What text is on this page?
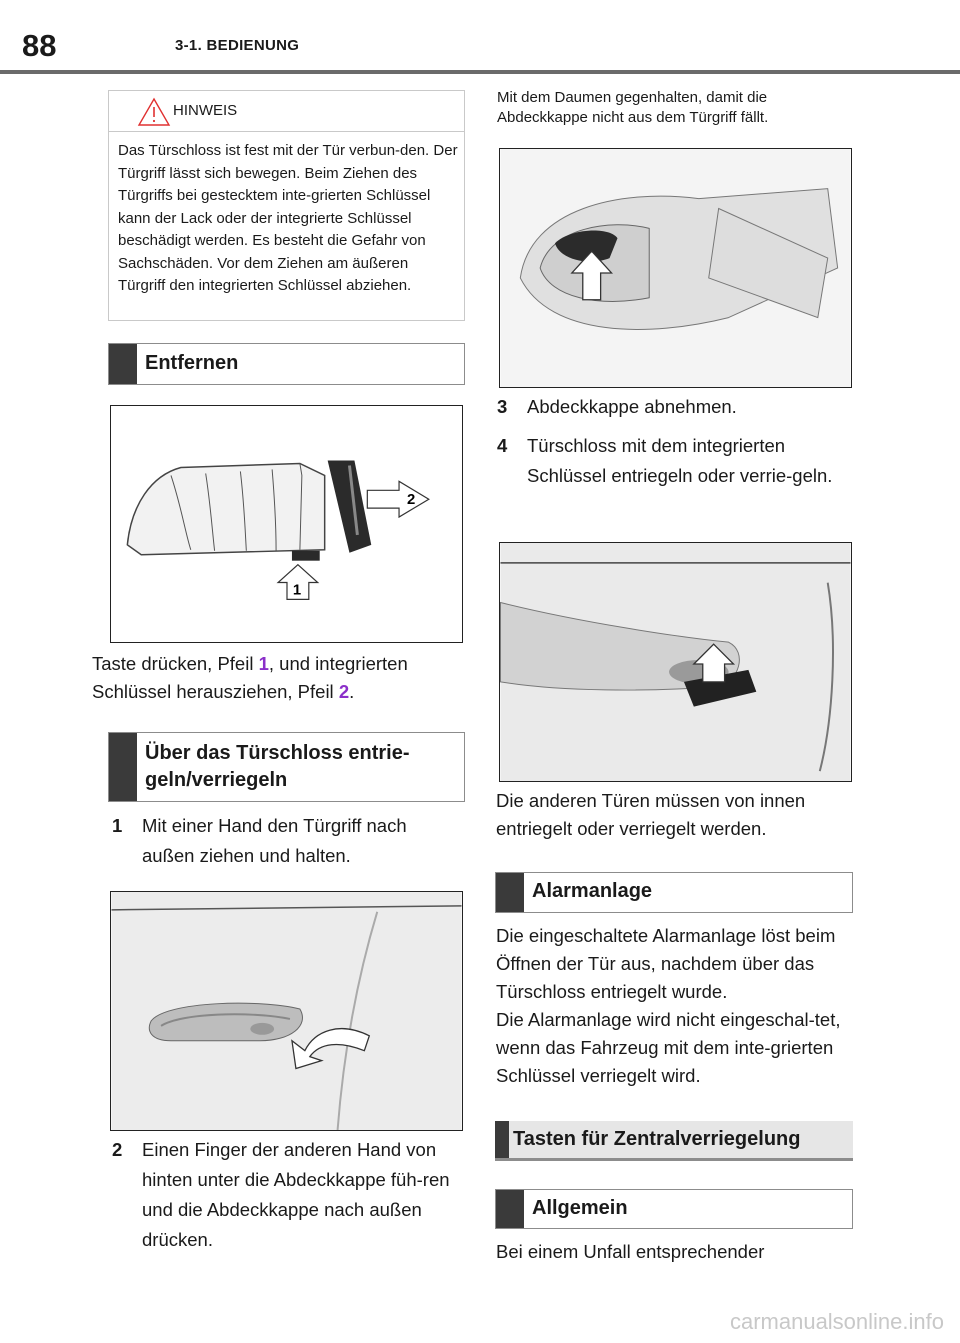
88	3-1. BEDIENUNG
HINWEIS
Das Türschloss ist fest mit der Tür verbun-den. Der Türgriff lässt sich bewegen. Beim Ziehen des Türgriffs bei gestecktem inte-grierten Schlüssel kann der Lack oder der integrierte Schlüssel beschädigt werden. Es besteht die Gefahr von Sachschäden. Vor dem Ziehen am äußeren Türgriff den integrierten Schlüssel abziehen.
Entfernen
2
1
Taste drücken, Pfeil 1, und integrierten Schlüssel herausziehen, Pfeil 2.
Über das Türschloss entrie-
geln/verriegeln
1 Mit einer Hand den Türgriff nach außen ziehen und halten.
2 Einen Finger der anderen Hand von hinten unter die Abdeckkappe füh-ren und die Abdeckkappe nach außen drücken.
Mit dem Daumen gegenhalten, damit die Abdeckkappe nicht aus dem Türgriff fällt.
3 Abdeckkappe abnehmen.
4 Türschloss mit dem integrierten Schlüssel entriegeln oder verrie-geln.
Die anderen Türen müssen von innen entriegelt oder verriegelt werden.
Alarmanlage
Die eingeschaltete Alarmanlage löst beim Öffnen der Tür aus, nachdem über das Türschloss entriegelt wurde.
Die Alarmanlage wird nicht eingeschal-tet, wenn das Fahrzeug mit dem inte-grierten Schlüssel verriegelt wird.
Tasten für Zentralverriegelung
Allgemein
Bei einem Unfall entsprechender
carmanualsonline.info
